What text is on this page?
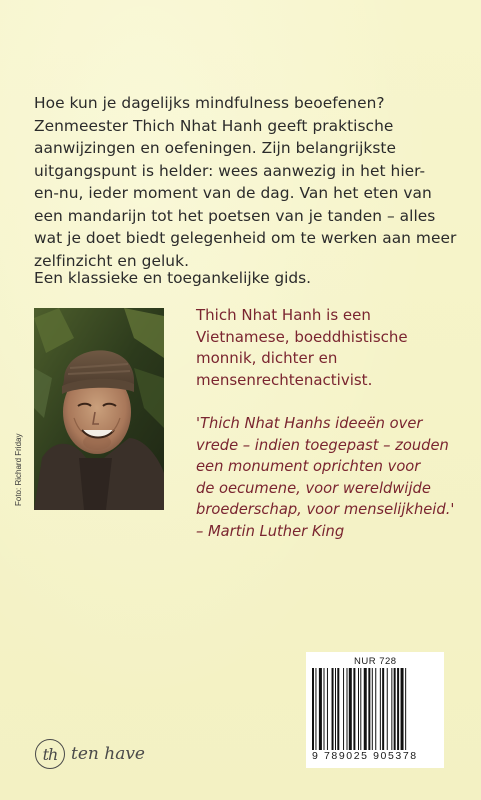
Hoe kun je dagelijks mindfulness beoefenen?
Zenmeester Thich Nhat Hanh geeft praktische
aanwijzingen en oefeningen. Zijn belangrijkste
uitgangspunt is helder: wees aanwezig in het hier-
en-nu, ieder moment van de dag. Van het eten van
een mandarijn tot het poetsen van je tanden – alles
wat je doet biedt gelegenheid om te werken aan meer
zelfinzicht en geluk.
Een klassieke en toegankelijke gids.
Foto: Richard Friday
Thich Nhat Hanh is een
Vietnamese, boeddhistische
monnik, dichter en
mensenrechtenactivist.
'Thich Nhat Hanhs ideeën over
vrede – indien toegepast – zouden
een monument oprichten voor
de oecumene, voor wereldwijde
broederschap, voor menselijkheid.'
– Martin Luther King
th ten have
NUR 728
9 789025 905378
